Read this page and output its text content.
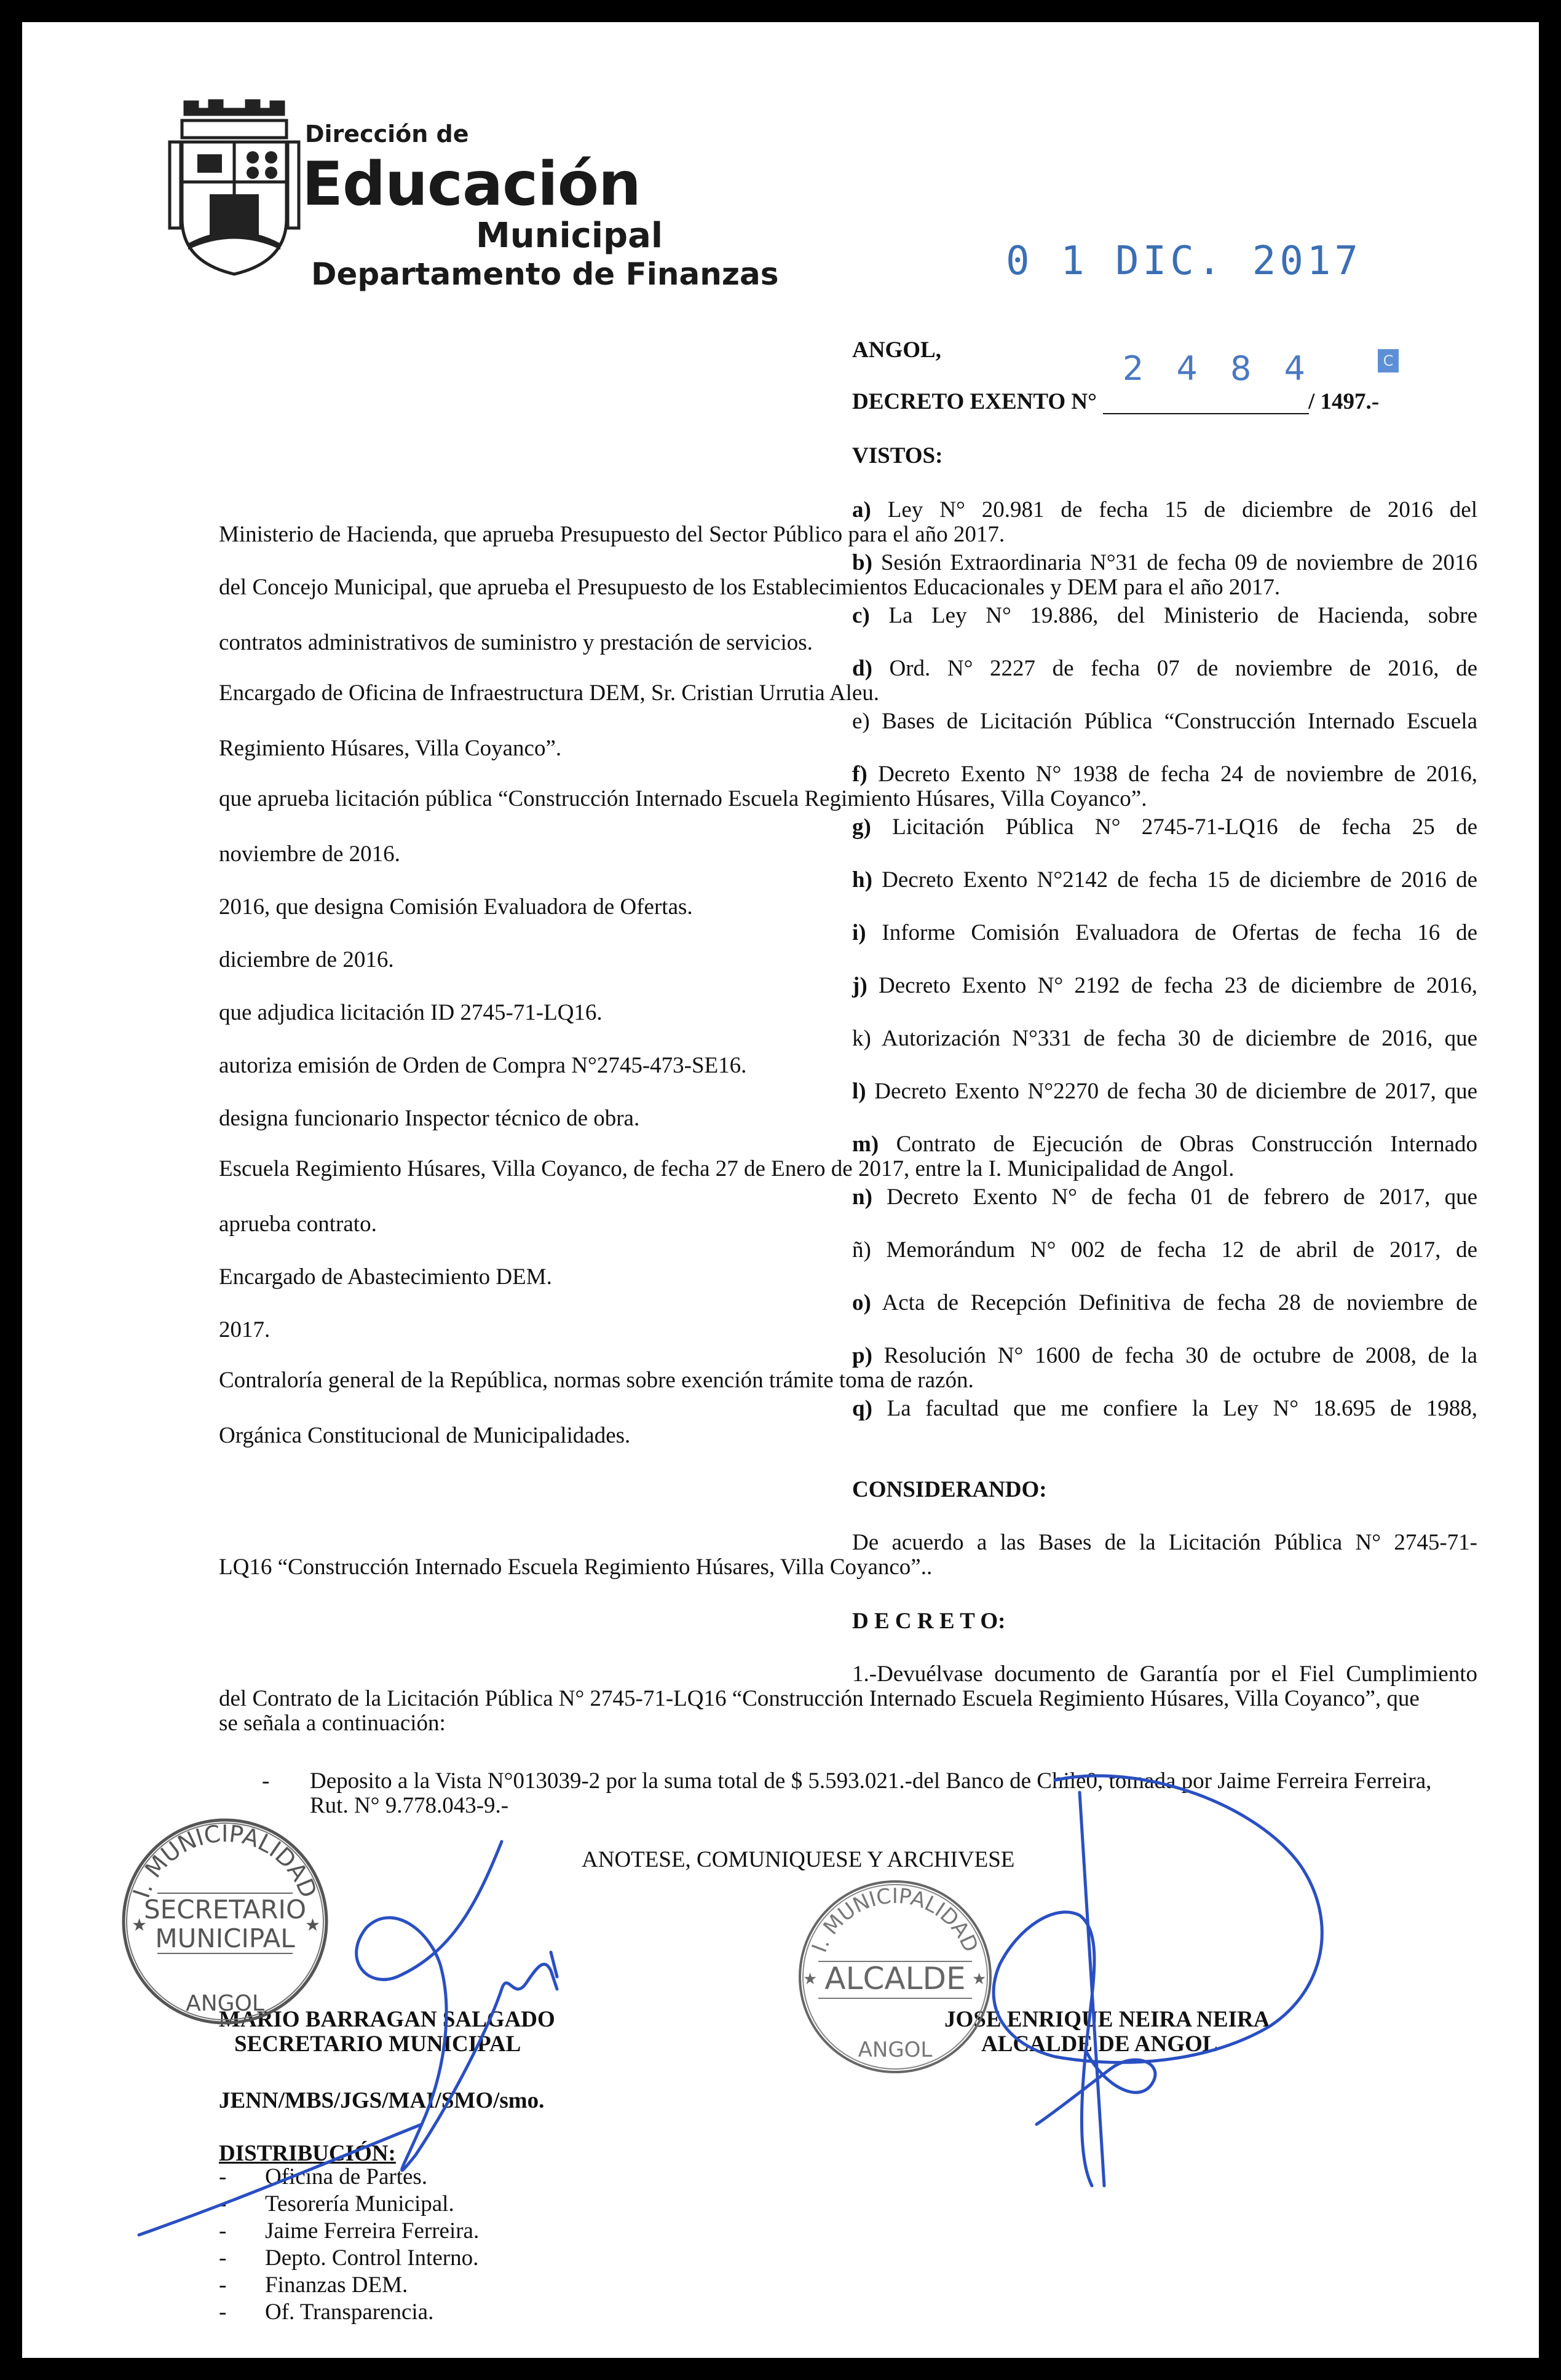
Dirección de
Educación
Municipal
Departamento de Finanzas	0 1 DIC. 2017
ANGOL,
DECRETO EXENTO N°
2 4 8 4
/ 1497.-
C
VISTOS:
a) Ley N° 20.981 de fecha 15 de diciembre de 2016 del
Ministerio de Hacienda, que aprueba Presupuesto del Sector Público para el año 2017.
b) Sesión Extraordinaria N°31 de fecha 09 de noviembre de 2016
del Concejo Municipal, que aprueba el Presupuesto de los Establecimientos Educacionales y DEM para el año 2017.
c) La Ley N° 19.886, del Ministerio de Hacienda, sobre
contratos administrativos de suministro y prestación de servicios.
d) Ord. N° 2227 de fecha 07 de noviembre de 2016, de
Encargado de Oficina de Infraestructura DEM, Sr. Cristian Urrutia Aleu.
e) Bases de Licitación Pública “Construcción Internado Escuela
Regimiento Húsares, Villa Coyanco”.
f) Decreto Exento N° 1938 de fecha 24 de noviembre de 2016,
que aprueba licitación pública “Construcción Internado Escuela Regimiento Húsares, Villa Coyanco”.
g) Licitación Pública N° 2745-71-LQ16 de fecha 25 de
noviembre de 2016.
h) Decreto Exento N°2142 de fecha 15 de diciembre de 2016 de
2016, que designa Comisión Evaluadora de Ofertas.
i) Informe Comisión Evaluadora de Ofertas de fecha 16 de
diciembre de 2016.
j) Decreto Exento N° 2192 de fecha 23 de diciembre de 2016,
que adjudica licitación ID 2745-71-LQ16.
k) Autorización N°331 de fecha 30 de diciembre de 2016, que
autoriza emisión de Orden de Compra N°2745-473-SE16.
l) Decreto Exento N°2270 de fecha 30 de diciembre de 2017, que
designa funcionario Inspector técnico de obra.
m) Contrato de Ejecución de Obras Construcción Internado
Escuela Regimiento Húsares, Villa Coyanco, de fecha 27 de Enero de 2017, entre la I. Municipalidad de Angol.
n) Decreto Exento N° de fecha 01 de febrero de 2017, que
aprueba contrato.
ñ) Memorándum N° 002 de fecha 12 de abril de 2017, de
Encargado de Abastecimiento DEM.
o) Acta de Recepción Definitiva de fecha 28 de noviembre de
2017.
p) Resolución N° 1600 de fecha 30 de octubre de 2008, de la
Contraloría general de la República, normas sobre exención trámite toma de razón.
q) La facultad que me confiere la Ley N° 18.695 de 1988,
Orgánica Constitucional de Municipalidades.
CONSIDERANDO:
De acuerdo a las Bases de la Licitación Pública N° 2745-71-
LQ16 “Construcción Internado Escuela Regimiento Húsares, Villa Coyanco”..
D E C R E T O:
1.-Devuélvase documento de Garantía por el Fiel Cumplimiento
del Contrato de la Licitación Pública N° 2745-71-LQ16 “Construcción Internado Escuela Regimiento Húsares, Villa Coyanco”, que
se señala a continuación:
- Deposito a la Vista N°013039-2 por la suma total de $ 5.593.021.-del Banco de Chile0, tomada por Jaime Ferreira Ferreira,
Rut. N° 9.778.043-9.-
ANOTESE, COMUNIQUESE Y ARCHIVESE
MARIO BARRAGAN SALGADO
SECRETARIO MUNICIPAL
JOSE ENRIQUE NEIRA NEIRA
ALCALDE DE ANGOL
JENN/MBS/JGS/MAI/SMO/smo.
DISTRIBUCIÓN:
- Oficina de Partes.
- Tesorería Municipal.
- Jaime Ferreira Ferreira.
- Depto. Control Interno.
- Finanzas DEM.
- Of. Transparencia.
I. MUNICIPALIDAD
SECRETARIO
MUNICIPAL
★	★
ANGOL
I. MUNICIPALIDAD
ALCALDE
★	★
ANGOL
